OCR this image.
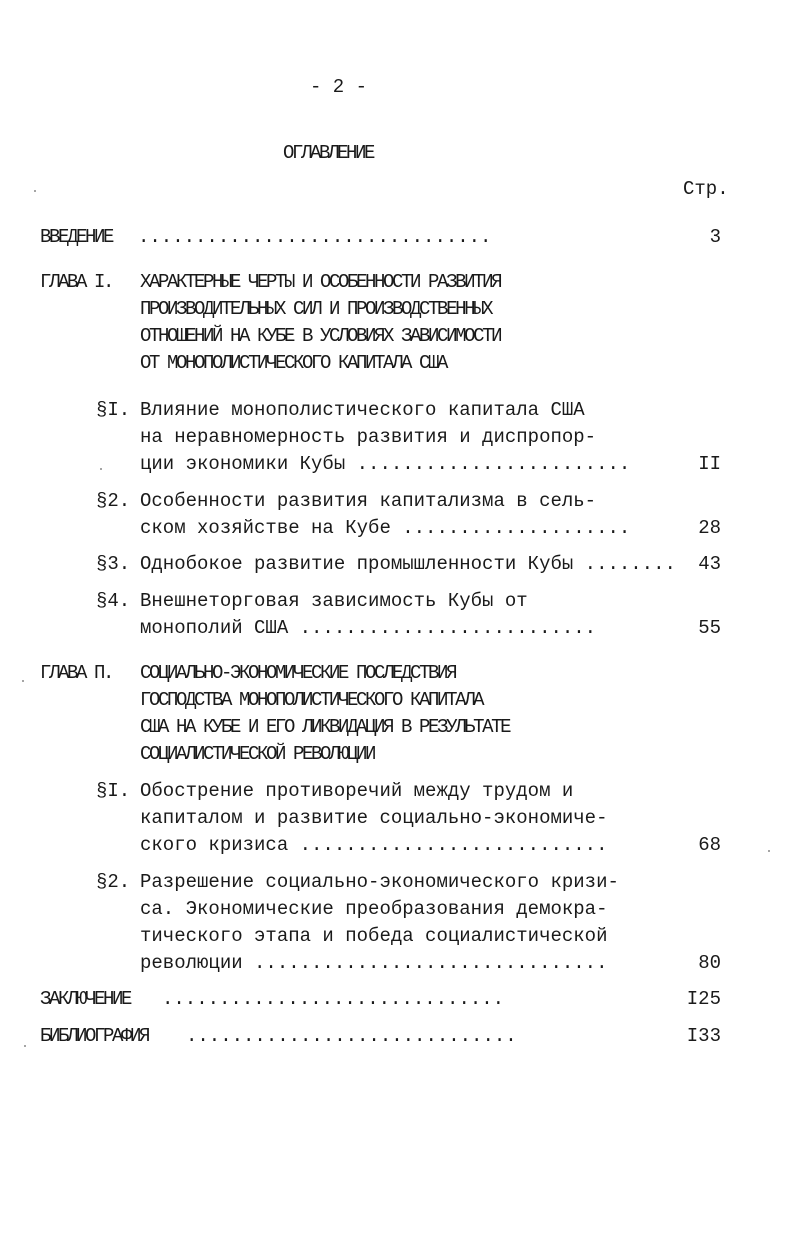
- 2 -
ОГЛАВЛЕНИЕ
Стр.
ВВЕДЕНИЕ ...............................	3
ГЛАВА I. ХАРАКТЕРНЫЕ ЧЕРТЫ И ОСОБЕННОСТИ РАЗВИТИЯ
ПРОИЗВОДИТЕЛЬНЫХ СИЛ И ПРОИЗВОДСТВЕННЫХ
ОТНОШЕНИЙ НА КУБЕ В УСЛОВИЯХ ЗАВИСИМОСТИ
ОТ МОНОПОЛИСТИЧЕСКОГО КАПИТАЛА США
§I. Влияние монополистического капитала США
на неравномерность развития и диспропор-
ции экономики Кубы ........................	II
§2. Особенности развития капитализма в сель-
ском хозяйстве на Кубе ....................	28
§3. Однобокое развитие промышленности Кубы ........ 43
§4. Внешнеторговая зависимость Кубы от
монополий США ..........................	55
ГЛАВА П. СОЦИАЛЬНО-ЭКОНОМИЧЕСКИЕ ПОСЛЕДСТВИЯ
ГОСПОДСТВА МОНОПОЛИСТИЧЕСКОГО КАПИТАЛА
США НА КУБЕ И ЕГО ЛИКВИДАЦИЯ В РЕЗУЛЬТАТЕ
СОЦИАЛИСТИЧЕСКОЙ РЕВОЛЮЦИИ
§I. Обострение противоречий между трудом и
капиталом и развитие социально-экономиче-
ского кризиса ...........................	68
§2. Разрешение социально-экономического кризи-
са. Экономические преобразования демокра-
тического этапа и победа социалистической
революции ...............................	80
ЗАКЛЮЧЕНИЕ ..............................	I25
БИБЛИОГРАФИЯ .............................	I33
